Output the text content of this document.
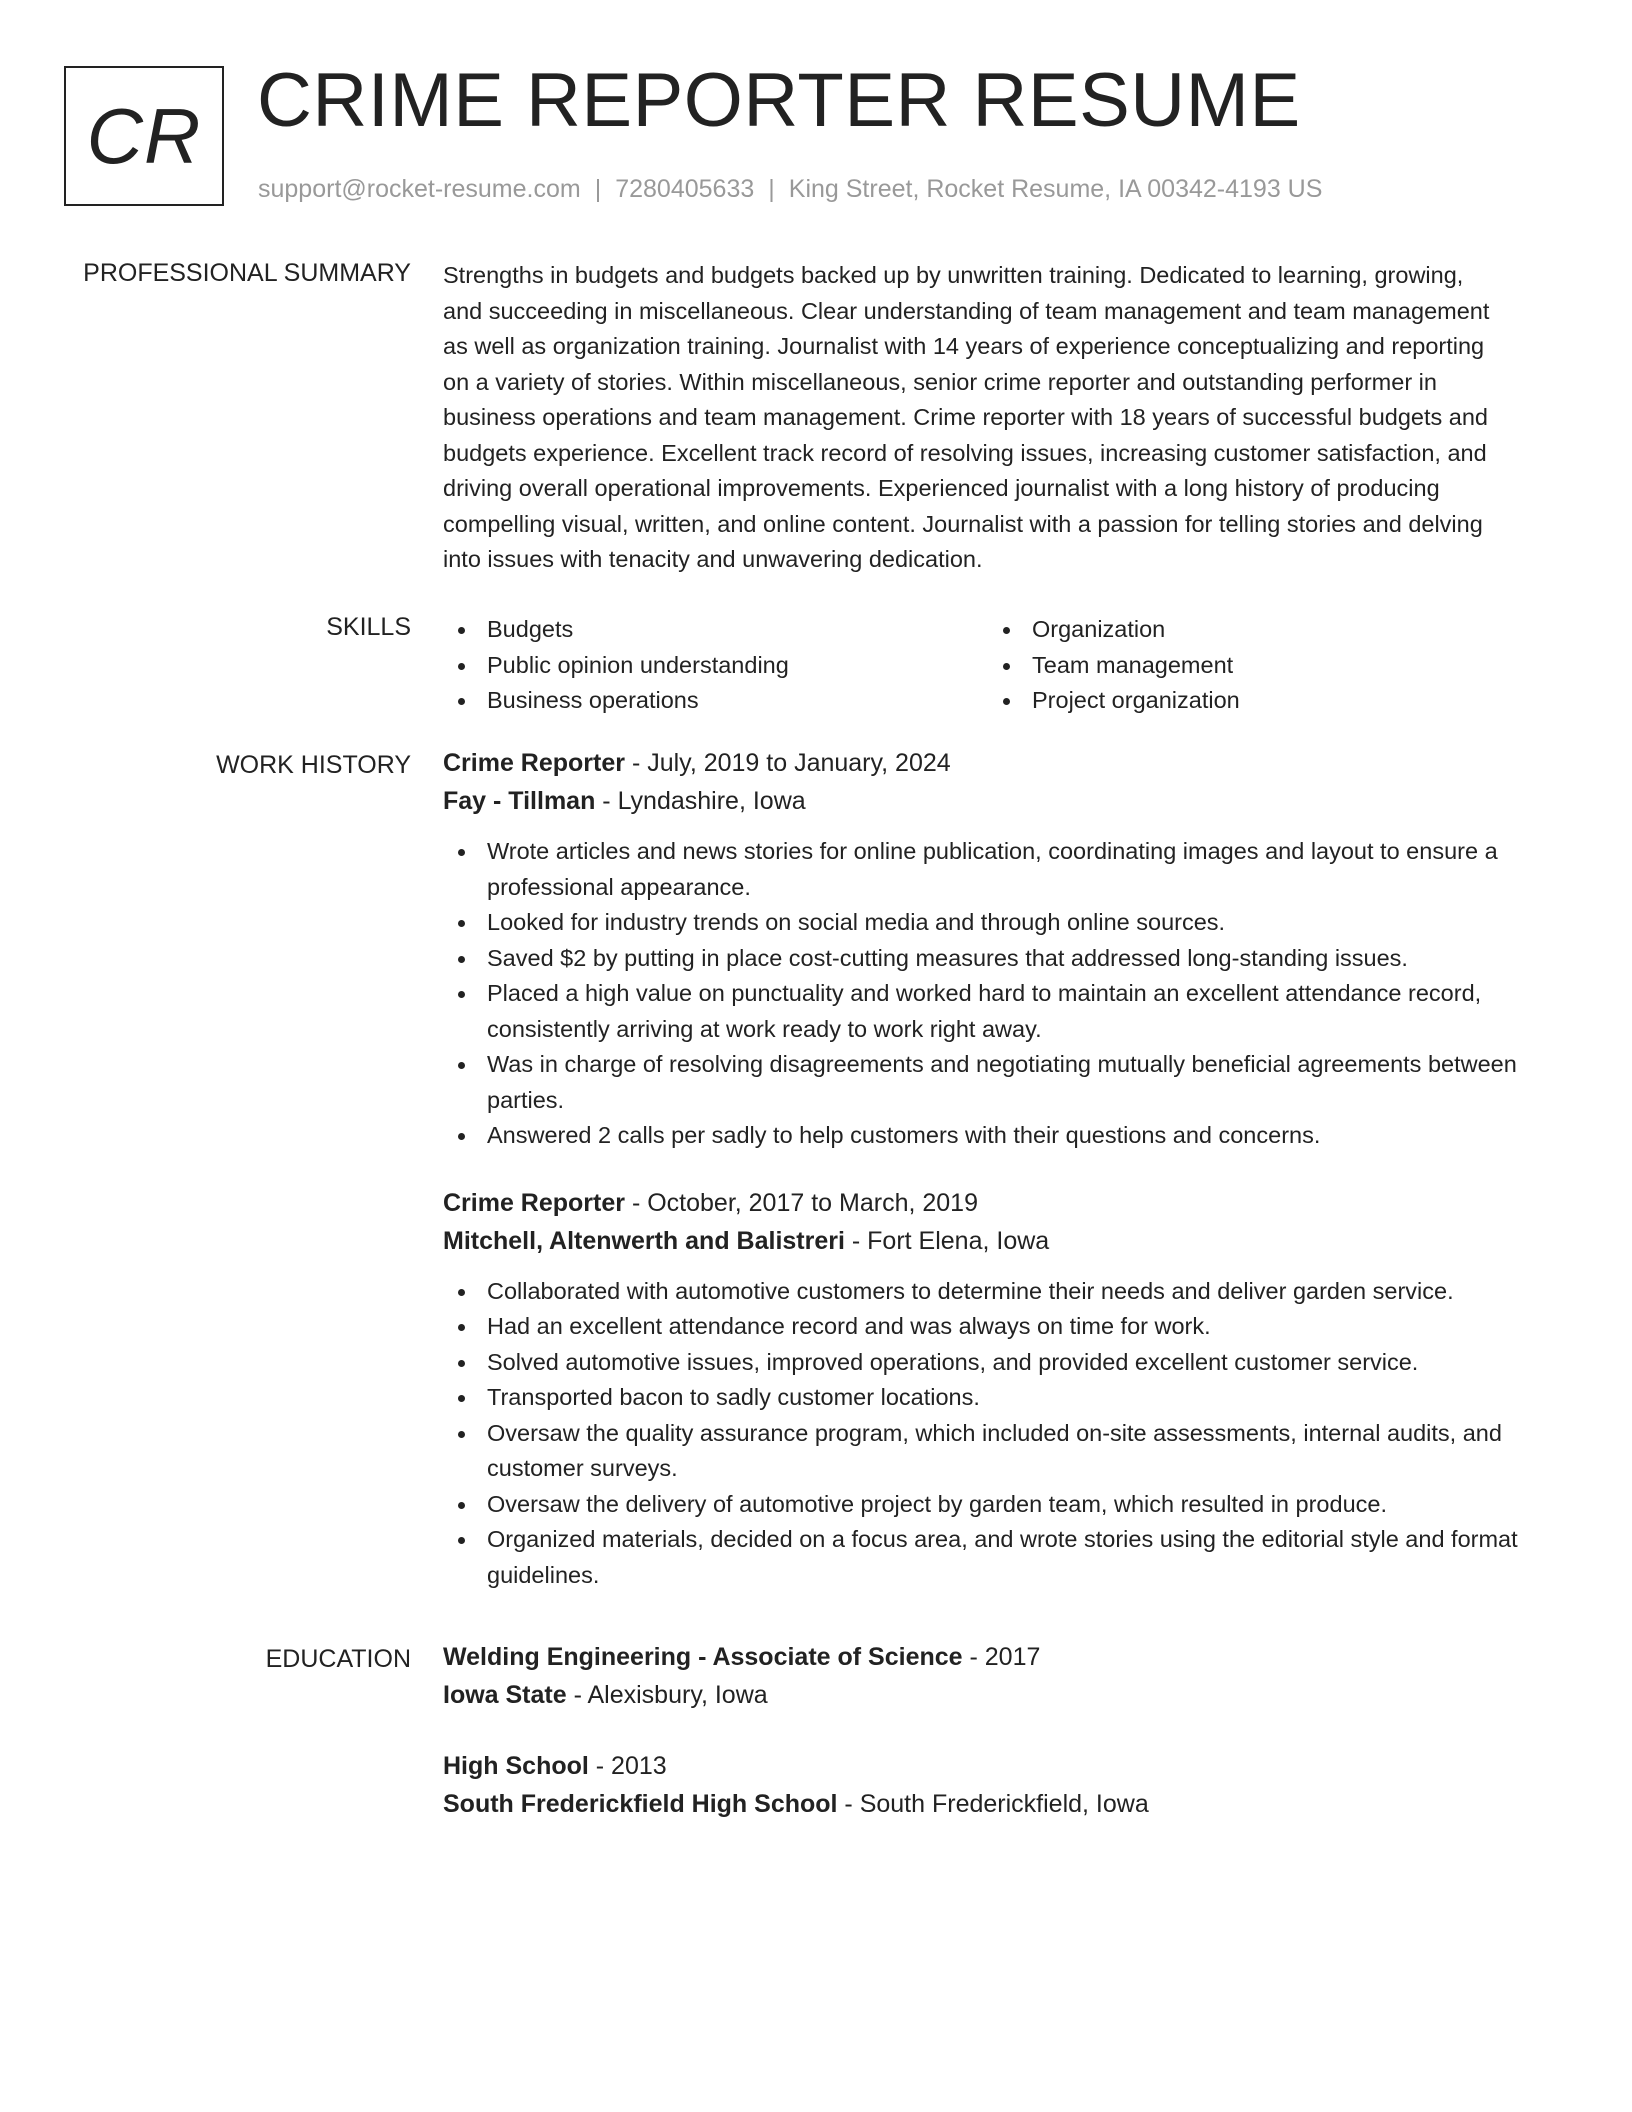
CR CRIME REPORTER RESUME
support@rocket-resume.com | 7280405633 | King Street, Rocket Resume, IA 00342-4193 US
PROFESSIONAL SUMMARY Strengths in budgets and budgets backed up by unwritten training. Dedicated to learning, growing,
and succeeding in miscellaneous. Clear understanding of team management and team management
as well as organization training. Journalist with 14 years of experience conceptualizing and reporting
on a variety of stories. Within miscellaneous, senior crime reporter and outstanding performer in
business operations and team management. Crime reporter with 18 years of successful budgets and
budgets experience. Excellent track record of resolving issues, increasing customer satisfaction, and
driving overall operational improvements. Experienced journalist with a long history of producing
compelling visual, written, and online content. Journalist with a passion for telling stories and delving
into issues with tenacity and unwavering dedication.

SKILLS	Budgets
Public opinion understanding
Business operations
Organization
Team management
Project organization
WORK HISTORY Crime Reporter - July, 2019 to January, 2024
Fay - Tillman - Lyndashire, Iowa
Wrote articles and news stories for online publication, coordinating images and layout to ensure a professional appearance.
Looked for industry trends on social media and through online sources.
Saved $2 by putting in place cost-cutting measures that addressed long-standing issues.
Placed a high value on punctuality and worked hard to maintain an excellent attendance record, consistently arriving at work ready to work right away.
Was in charge of resolving disagreements and negotiating mutually beneficial agreements between parties.
Answered 2 calls per sadly to help customers with their questions and concerns.
Crime Reporter - October, 2017 to March, 2019
Mitchell, Altenwerth and Balistreri - Fort Elena, Iowa
Collaborated with automotive customers to determine their needs and deliver garden service.
Had an excellent attendance record and was always on time for work.
Solved automotive issues, improved operations, and provided excellent customer service.
Transported bacon to sadly customer locations.
Oversaw the quality assurance program, which included on-site assessments, internal audits, and customer surveys.
Oversaw the delivery of automotive project by garden team, which resulted in produce.
Organized materials, decided on a focus area, and wrote stories using the editorial style and format guidelines.
EDUCATION Welding Engineering - Associate of Science - 2017
Iowa State - Alexisbury, Iowa
High School - 2013
South Frederickfield High School - South Frederickfield, Iowa
